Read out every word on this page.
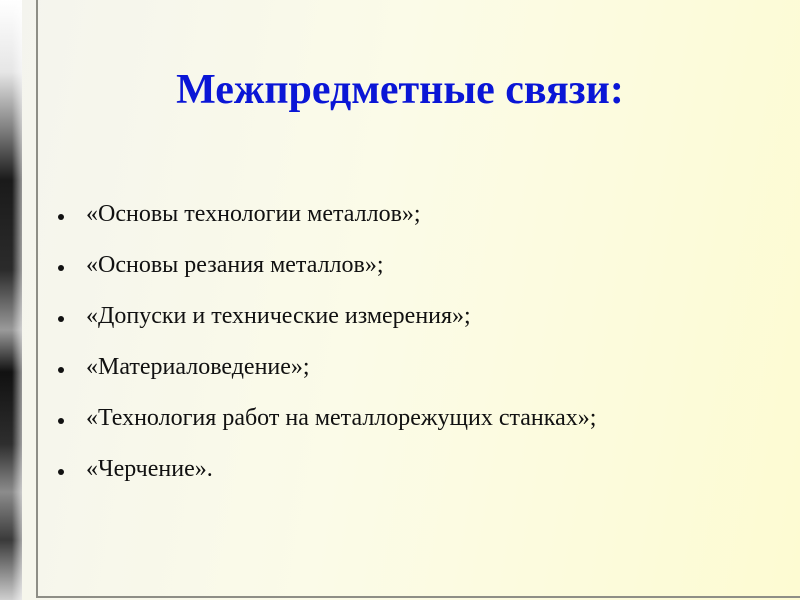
Межпредметные связи:
«Основы технологии металлов»;
«Основы резания металлов»;
«Допуски и технические измерения»;
«Материаловедение»;
«Технология работ на металлорежущих станках»;
«Черчение».
